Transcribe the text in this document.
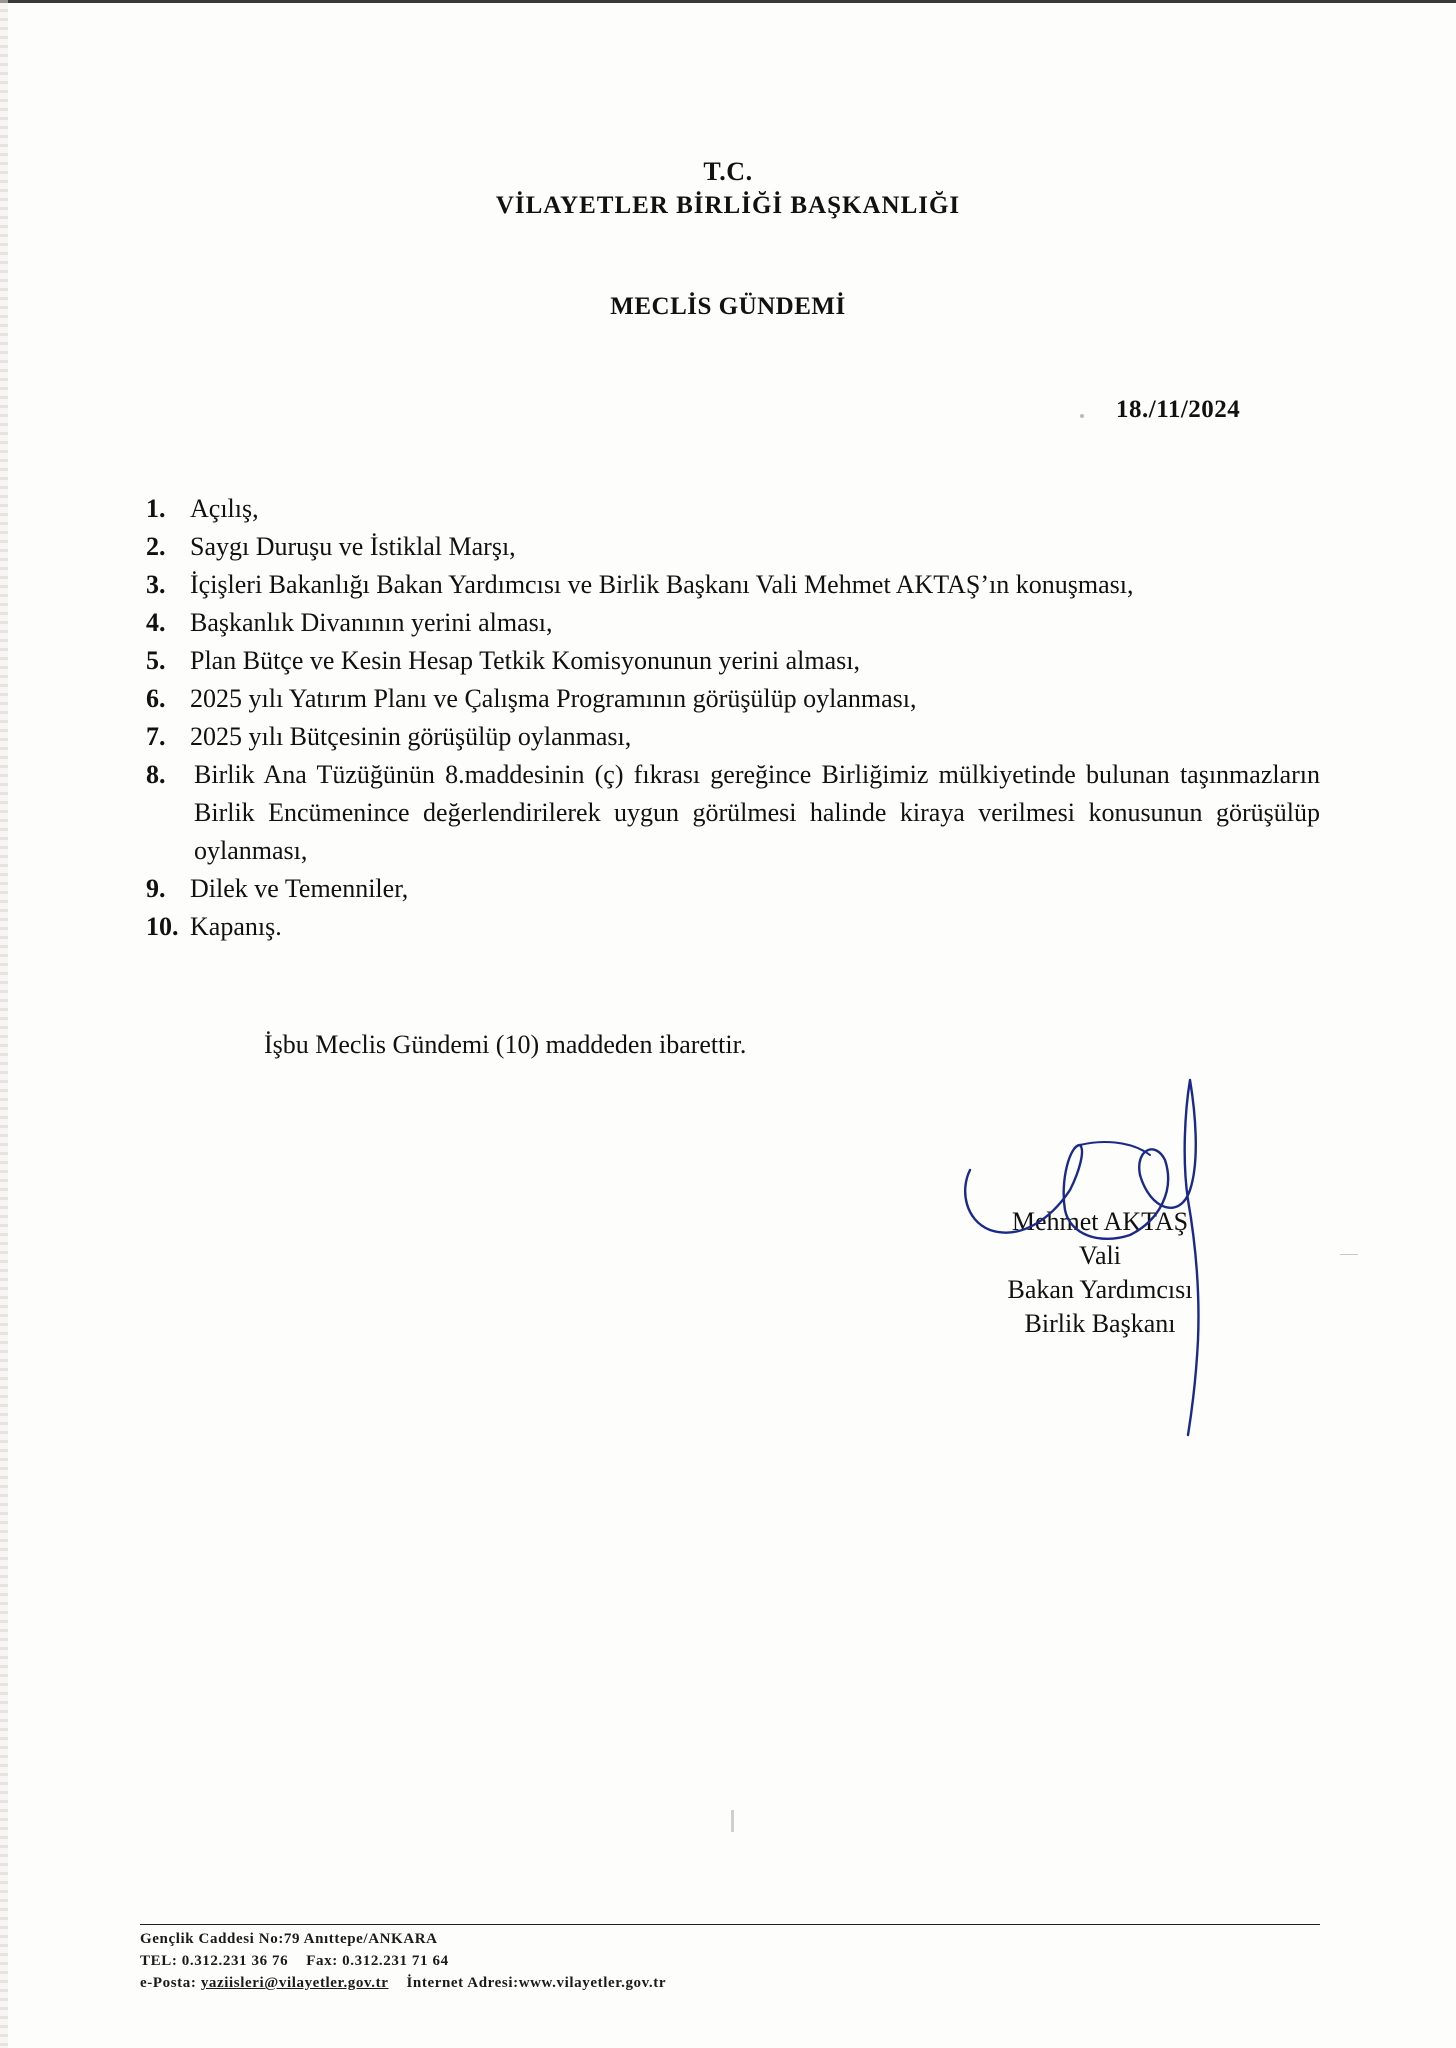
T.C.
VİLAYETLER BİRLİĞİ BAŞKANLIĞI
MECLİS GÜNDEMİ
18./11/2024
1. Açılış,
2. Saygı Duruşu ve İstiklal Marşı,
3. İçişleri Bakanlığı Bakan Yardımcısı ve Birlik Başkanı Vali Mehmet AKTAŞ’ın konuşması,
4. Başkanlık Divanının yerini alması,
5. Plan Bütçe ve Kesin Hesap Tetkik Komisyonunun yerini alması,
6. 2025 yılı Yatırım Planı ve Çalışma Programının görüşülüp oylanması,
7. 2025 yılı Bütçesinin görüşülüp oylanması,
8.	Birlik Ana Tüzüğünün 8.maddesinin (ç) fıkrası gereğince Birliğimiz mülkiyetinde bulunan taşınmazların Birlik Encümenince değerlendirilerek uygun görülmesi halinde kiraya verilmesi konusunun görüşülüp oylanması,
9. Dilek ve Temenniler,
10. Kapanış.
İşbu Meclis Gündemi (10) maddeden ibarettir.
Mehmet AKTAŞ
Vali
Bakan Yardımcısı
Birlik Başkanı
Gençlik Caddesi No:79 Anıttepe/ANKARA
TEL: 0.312.231 36 76 Fax: 0.312.231 71 64
e-Posta: yaziisleri@vilayetler.gov.tr İnternet Adresi:www.vilayetler.gov.tr
